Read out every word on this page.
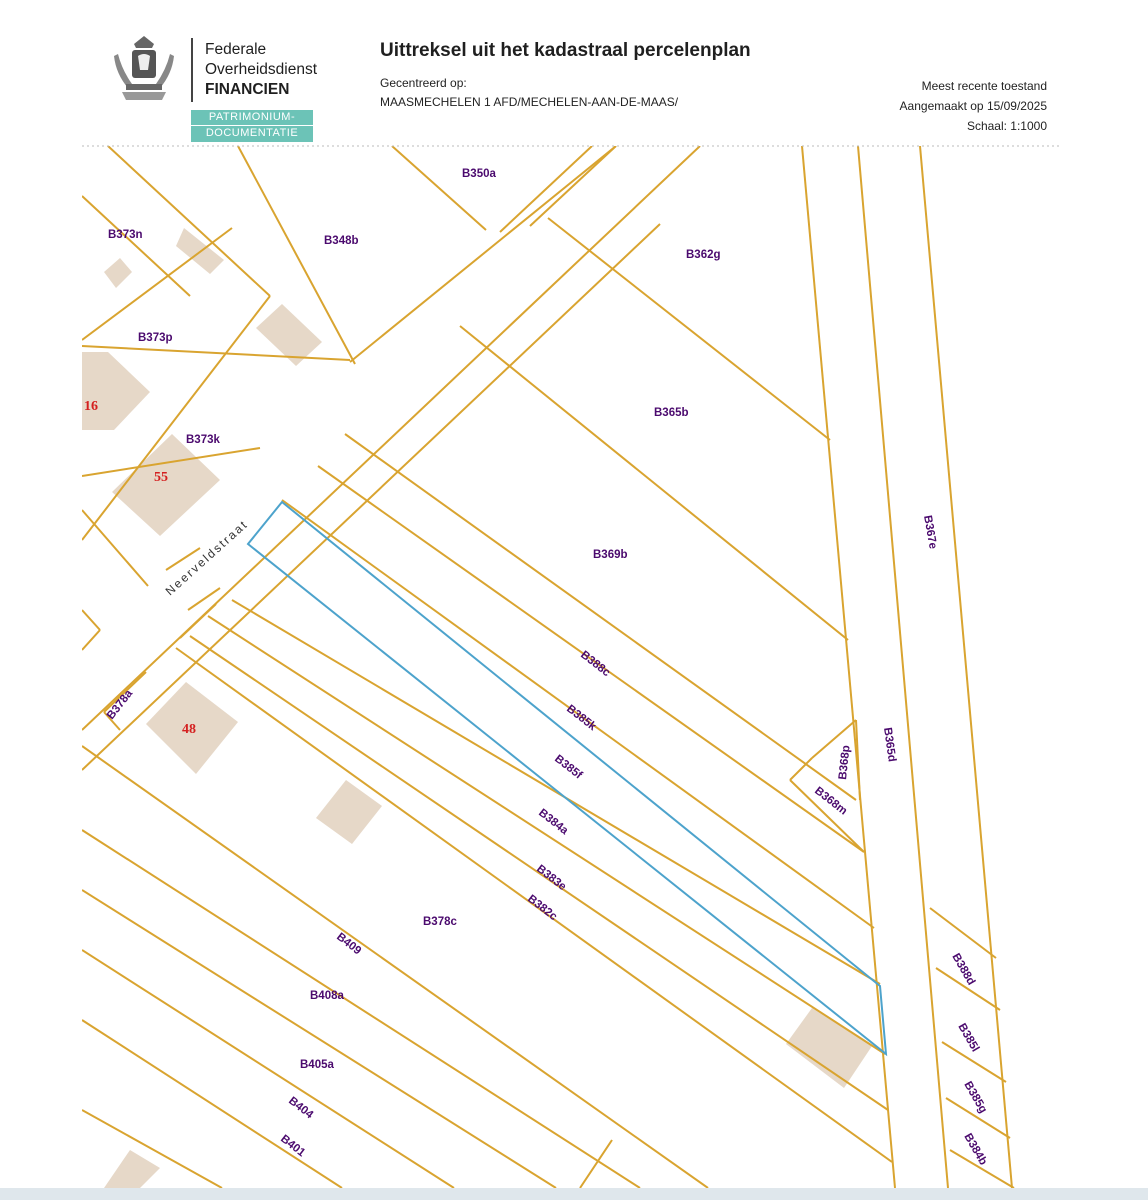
Federale
Overheidsdienst
FINANCIEN
PATRIMONIUM-
DOCUMENTATIE
Uittreksel uit het kadastraal percelenplan
Gecentreerd op:
MAASMECHELEN 1 AFD/MECHELEN-AAN-DE-MAAS/
Meest recente toestand
Aangemaakt op 15/09/2025
Schaal: 1:1000
Neerveldstraat
16
55
48
B350a
B348b
B373n
B362g
B373p
B365b
B373k
B367e
B369b
B388c
B378a	B385k
B365d
B368p
B385f
B368m
B384a
B383e
B378c	B382c
B409
B388d
B408a
B385l
B405a
B385g
B404
B384b
B401
